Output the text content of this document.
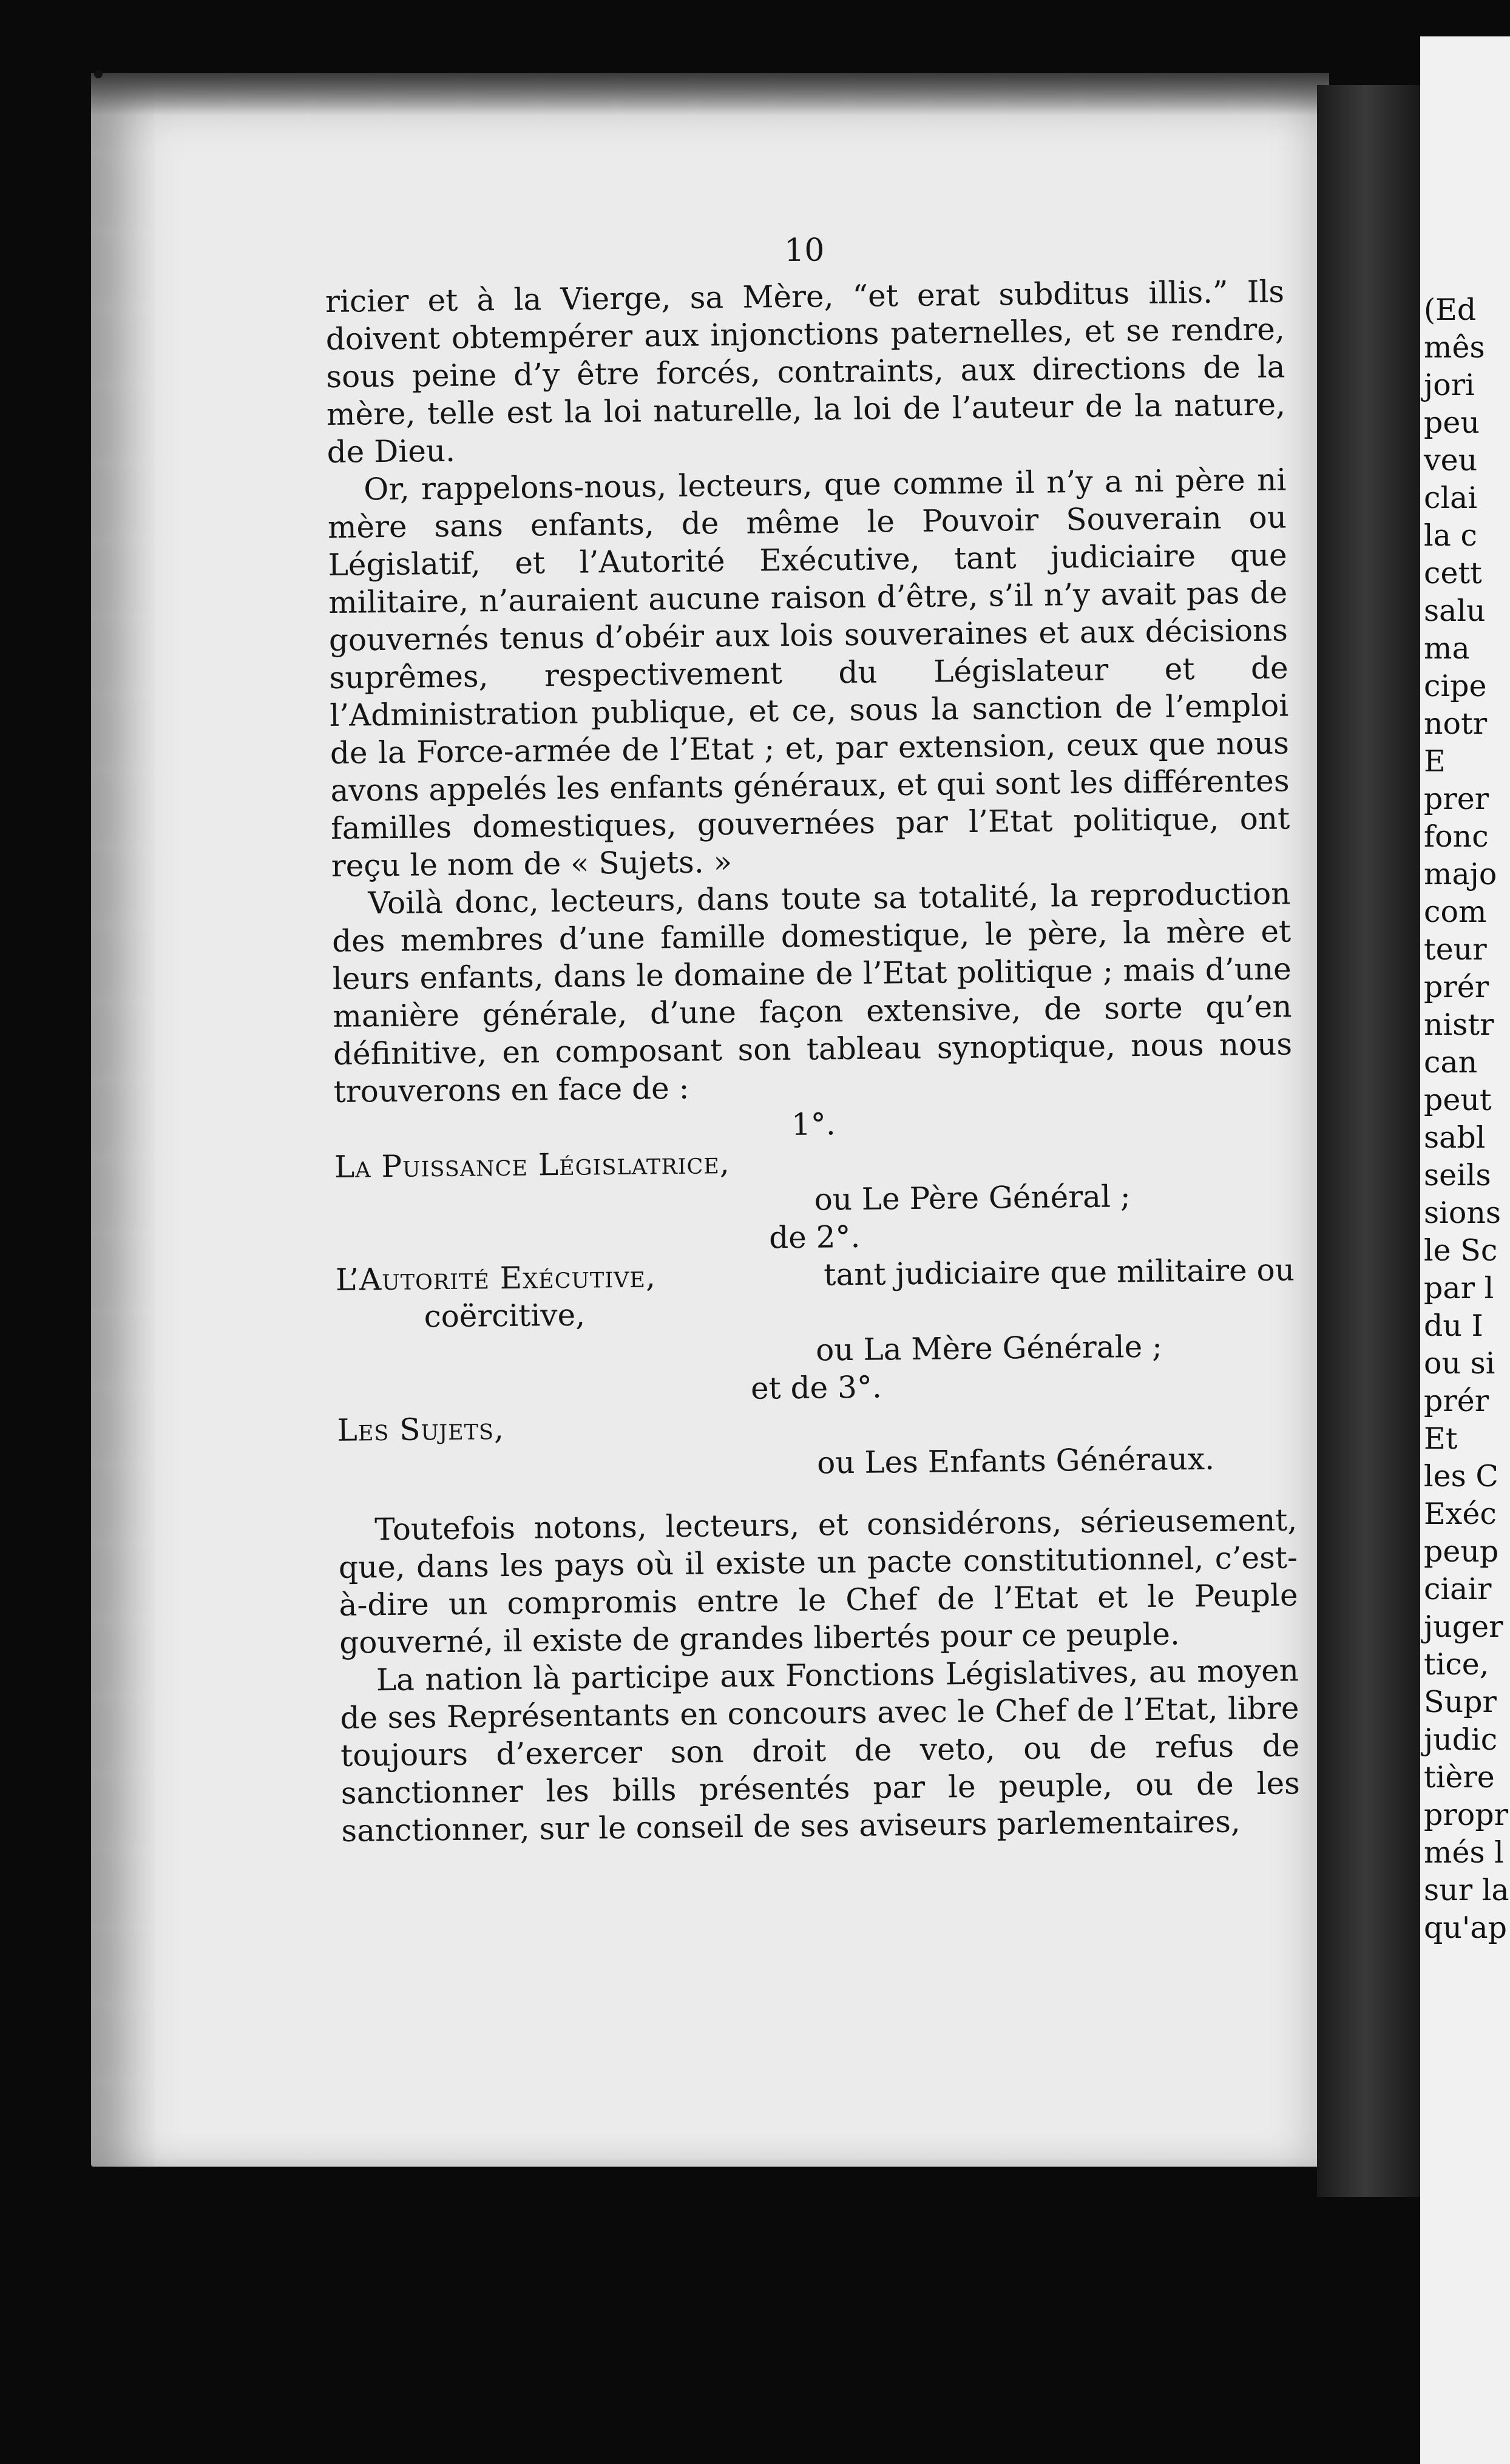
(Ed
mês
jori
peu
veu
clai
la c
cett
salu
ma
cipe
notr
E
prer
fonc
majo
com
teur
prér
nistr
can
peut
sabl
seils
sions
le Sc
par l
du I
ou si
prér
Et
les C
Exéc
peup
ciair
juger
tice,
Supr
judic
tière
propr
més l
sur la
qu'ap
10

ricier et à la Vierge, sa Mère, “et erat subditus illis.” Ils doivent obtempérer aux injonctions paternelles, et se rendre, sous peine d’y être forcés, contraints, aux directions de la mère, telle est la loi naturelle, la loi de l’auteur de la nature, de Dieu.

Or, rappelons-nous, lecteurs, que comme il n’y a ni père ni mère sans enfants, de même le Pouvoir Souverain ou Législatif, et l’Autorité Exécutive, tant judiciaire que militaire, n’auraient aucune raison d’être, s’il n’y avait pas de gouvernés tenus d’obéir aux lois souveraines et aux décisions suprêmes, respectivement du Législateur et de l’Administration publique, et ce, sous la sanction de l’emploi de la Force-armée de l’Etat ; et, par extension, ceux que nous avons appelés les enfants généraux, et qui sont les différentes familles domestiques, gouvernées par l’Etat politique, ont reçu le nom de « Sujets. »

Voilà donc, lecteurs, dans toute sa totalité, la reproduction des membres d’une famille domestique, le père, la mère et leurs enfants, dans le domaine de l’Etat politique ; mais d’une manière générale, d’une façon extensive, de sorte qu’en définitive, en composant son tableau synoptique, nous nous trouverons en face de :

1°.
La Puissance Législatrice,
ou Le Père Général ;
de 2°.
L’Autorité Exécutive,	tant judiciaire que militaire ou
coërcitive,
ou La Mère Générale ;
et de 3°.
Les Sujets,
ou Les Enfants Généraux.

Toutefois notons, lecteurs, et considérons, sérieusement, que, dans les pays où il existe un pacte constitutionnel, c’est-à-dire un compromis entre le Chef de l’Etat et le Peuple gouverné, il existe de grandes libertés pour ce peuple.

La nation là participe aux Fonctions Législatives, au moyen de ses Représentants en concours avec le Chef de l’Etat, libre toujours d’exercer son droit de veto, ou de refus de sanctionner les bills présentés par le peuple, ou de les sanctionner, sur le conseil de ses aviseurs parlementaires,
